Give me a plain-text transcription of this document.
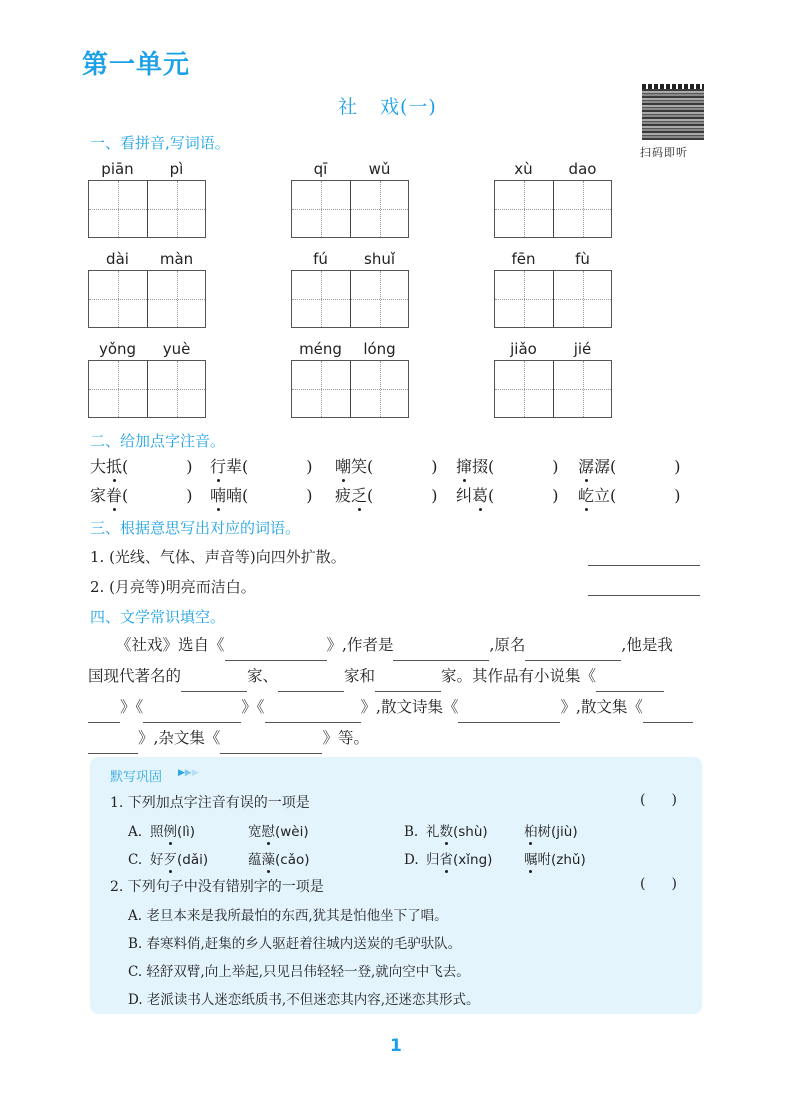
第一单元
社 戏(一)
扫码即听
一、看拼音,写词语。
piān	pì	qī	wǔ	xù	dao
dài	màn	fú	shuǐ	fēn	fù
yǒng	yuè	méng	lóng	jiǎo	jié
二、给加点字注音。
大抵(	) 行辈(	) 嘲笑(	) 撺掇(	) 潺潺(	)
家眷(	) 喃喃(	) 疲乏(	) 纠葛(	) 屹立(	)
三、根据意思写出对应的词语。
1. (光线、气体、声音等)向四外扩散。
2. (月亮等)明亮而洁白。
四、文学常识填空。
《社戏》选自《	》,作者是	,原名	,他是我
国现代著名的	家、	家和	家。其作品有小说集《
》《	》《	》,散文诗集《	》,散文集《
》,杂文集《	》等。
默写巩固 ▶▶▶
1. 下列加点字注音有误的一项是	( )
A. 照例(lì)	宽慰(wèi)	B. 礼数(shù)	桕树(jiù)
C. 好歹(dǎi)	蕴藻(cǎo)	D. 归省(xǐng) 嘱咐(zhǔ)
2. 下列句子中没有错别字的一项是	( )
A. 老旦本来是我所最怕的东西,犹其是怕他坐下了唱。
B. 春寒料俏,赶集的乡人驱赶着往城内送炭的毛驴驮队。
C. 轻舒双臂,向上举起,只见吕伟轻轻一登,就向空中飞去。
D. 老派读书人迷恋纸质书,不但迷恋其内容,还迷恋其形式。
1
